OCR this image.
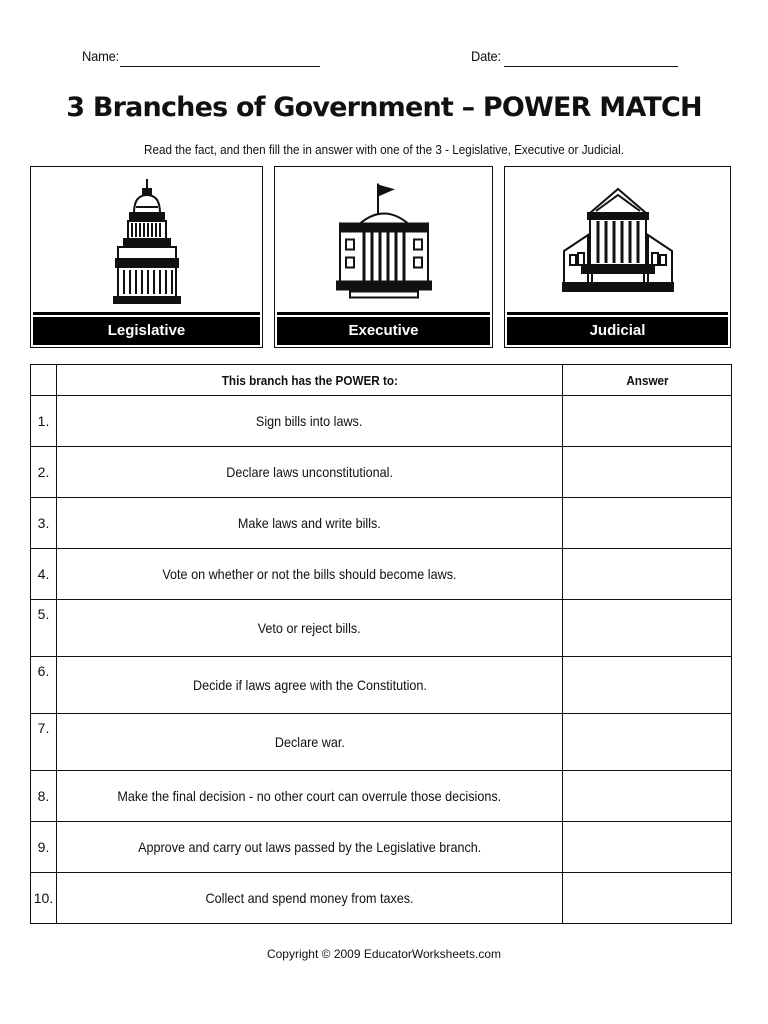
Name:	Date:
3 Branches of Government – POWER MATCH
Read the fact, and then fill the in answer with one of the 3 - Legislative, Executive or Judicial.
Legislative	Executive	Judicial
	This branch has the POWER to:	Answer
1.	Sign bills into laws.	
2.	Declare laws unconstitutional.	
3.	Make laws and write bills.	
4.	Vote on whether or not the bills should become laws.	
5.	Veto or reject bills.	
6.	Decide if laws agree with the Constitution.	
7.	Declare war.	
8.	Make the final decision - no other court can overrule those decisions.	
9.	Approve and carry out laws passed by the Legislative branch.	
10.	Collect and spend money from taxes.	
Copyright © 2009 EducatorWorksheets.com
